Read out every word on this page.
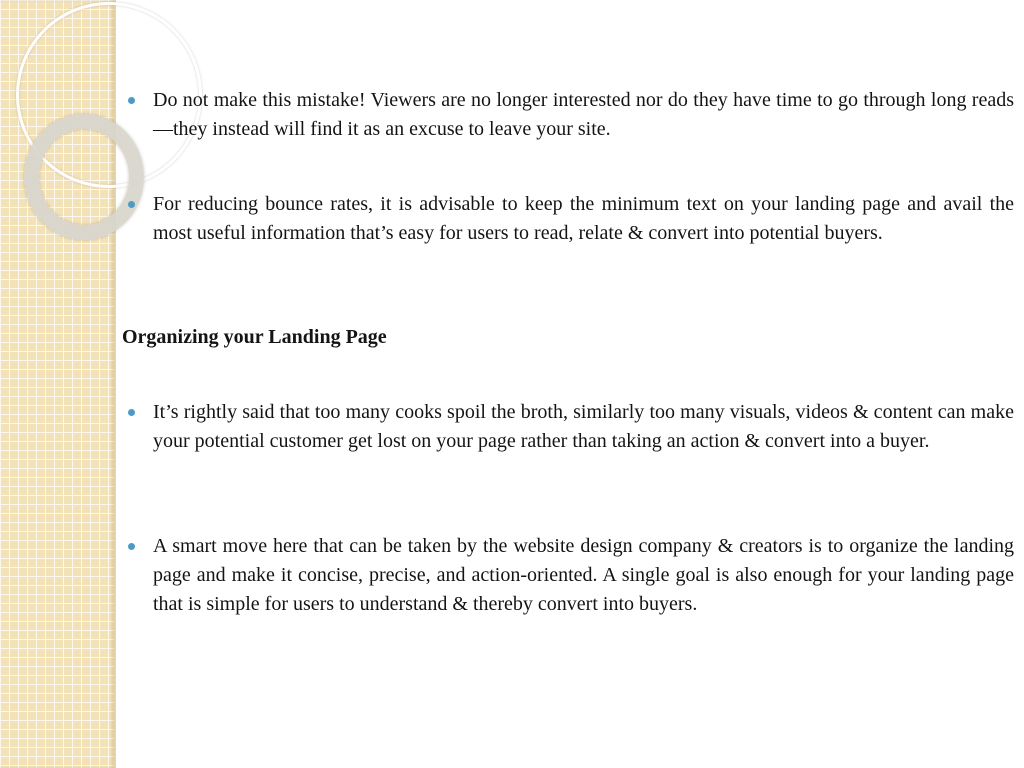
Do not make this mistake! Viewers are no longer interested nor do they have time to go through long reads—they instead will find it as an excuse to leave your site.
For reducing bounce rates, it is advisable to keep the minimum text on your landing page and avail the most useful information that’s easy for users to read, relate & convert into potential buyers.
Organizing your Landing Page
It’s rightly said that too many cooks spoil the broth, similarly too many visuals, videos & content can make your potential customer get lost on your page rather than taking an action & convert into a buyer.
A smart move here that can be taken by the website design company & creators is to organize the landing page and make it concise, precise, and action-oriented. A single goal is also enough for your landing page that is simple for users to understand & thereby convert into buyers.
